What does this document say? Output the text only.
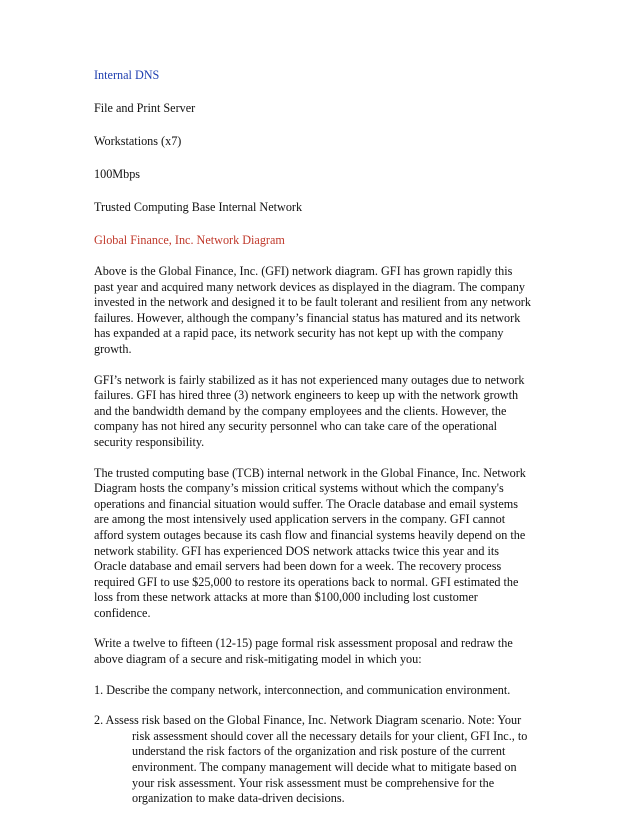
Internal DNS
File and Print Server
Workstations (x7)
100Mbps
Trusted Computing Base Internal Network
Global Finance, Inc. Network Diagram
Above is the Global Finance, Inc. (GFI) network diagram. GFI has grown rapidly this
past year and acquired many network devices as displayed in the diagram. The company
invested in the network and designed it to be fault tolerant and resilient from any network
failures. However, although the company’s financial status has matured and its network
has expanded at a rapid pace, its network security has not kept up with the company
growth.
GFI’s network is fairly stabilized as it has not experienced many outages due to network
failures. GFI has hired three (3) network engineers to keep up with the network growth
and the bandwidth demand by the company employees and the clients. However, the
company has not hired any security personnel who can take care of the operational
security responsibility.
The trusted computing base (TCB) internal network in the Global Finance, Inc. Network
Diagram hosts the company’s mission critical systems without which the company's
operations and financial situation would suffer. The Oracle database and email systems
are among the most intensively used application servers in the company. GFI cannot
afford system outages because its cash flow and financial systems heavily depend on the
network stability. GFI has experienced DOS network attacks twice this year and its
Oracle database and email servers had been down for a week. The recovery process
required GFI to use $25,000 to restore its operations back to normal. GFI estimated the
loss from these network attacks at more than $100,000 including lost customer
confidence.
Write a twelve to fifteen (12-15) page formal risk assessment proposal and redraw the
above diagram of a secure and risk-mitigating model in which you:
1. Describe the company network, interconnection, and communication environment.
2. Assess risk based on the Global Finance, Inc. Network Diagram scenario. Note: Your
risk assessment should cover all the necessary details for your client, GFI Inc., to
understand the risk factors of the organization and risk posture of the current
environment. The company management will decide what to mitigate based on
your risk assessment. Your risk assessment must be comprehensive for the
organization to make data-driven decisions.
